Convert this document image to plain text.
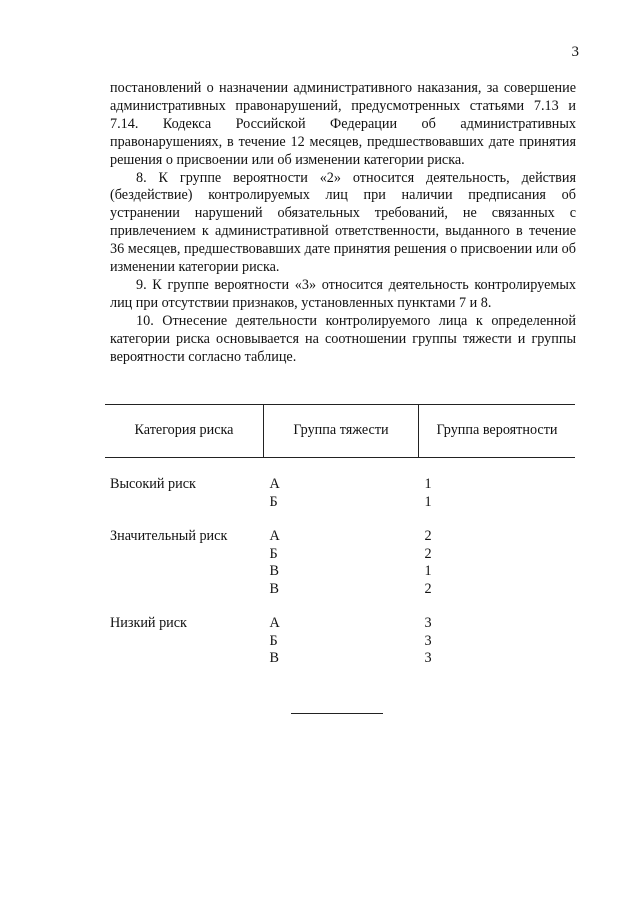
3

постановлений о назначении административного наказания, за совершение административных правонарушений, предусмотренных статьями 7.13 и 7.14. Кодекса Российской Федерации об административных правонарушениях, в течение 12 месяцев, предшествовавших дате принятия решения о присвоении или об изменении категории риска.

8. К группе вероятности «2» относится деятельность, действия (бездействие) контролируемых лиц при наличии предписания об устранении нарушений обязательных требований, не связанных с привлечением к административной ответственности, выданного в течение 36 месяцев, предшествовавших дате принятия решения о присвоении или об изменении категории риска.

9. К группе вероятности «3» относится деятельность контролируемых лиц при отсутствии признаков, установленных пунктами 7 и 8.

10. Отнесение деятельности контролируемого лица к определенной категории риска основывается на соотношении группы тяжести и группы вероятности согласно таблице.

Категория риска	Группа тяжести	Группа вероятности

Высокий риск	А	1
	Б	1

Значительный риск	А	2
	Б	2
	В	1
	В	2

Низкий риск	А	3
	Б	3
	В	3
